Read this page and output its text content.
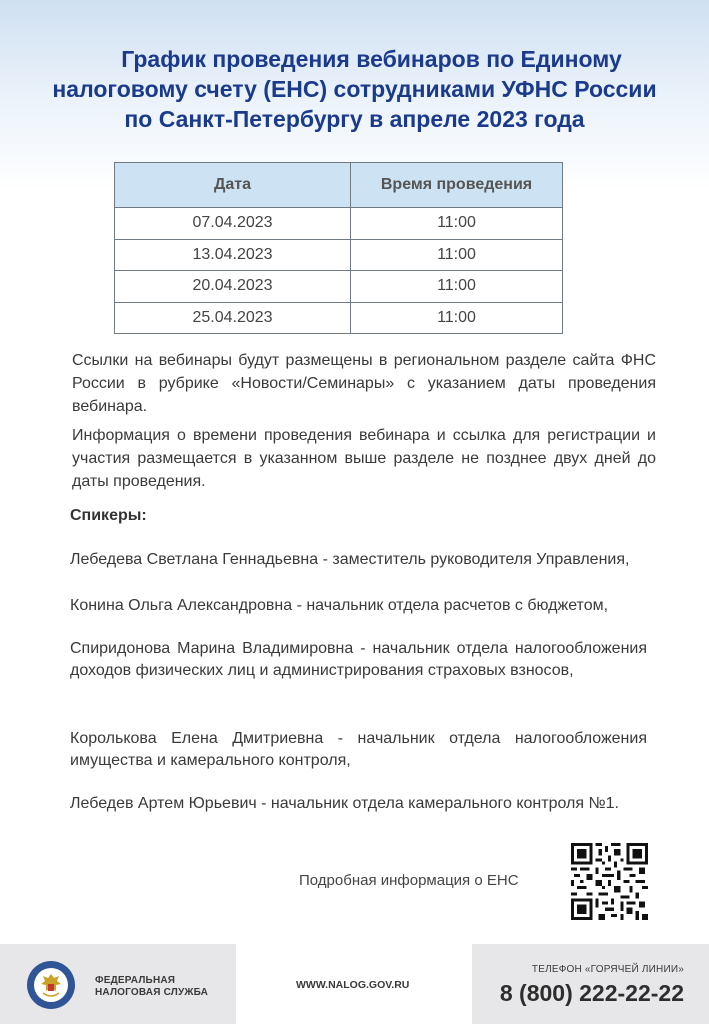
График проведения вебинаров по Единому
налоговому счету (ЕНС) сотрудниками УФНС России
по Санкт-Петербургу в апреле 2023 года
Дата	Время проведения
07.04.2023	11:00
13.04.2023	11:00
20.04.2023	11:00
25.04.2023	11:00

Ссылки на вебинары будут размещены в региональном разделе сайта ФНС России в рубрике «Новости/Семинары» с указанием даты проведения вебинара.

Информация о времени проведения вебинара и ссылка для регистрации и участия размещается в указанном выше разделе не позднее двух дней до даты проведения.

Спикеры:

Лебедева Светлана Геннадьевна - заместитель руководителя Управления,

Конина Ольга Александровна - начальник отдела расчетов с бюджетом,

Спиридонова Марина Владимировна - начальник отдела налогообложения доходов физических лиц и администрирования страховых взносов,

Королькова Елена Дмитриевна - начальник отдела налогообложения имущества и камерального контроля,

Лебедев Артем Юрьевич - начальник отдела камерального контроля №1.

Подробная информация о ЕНС
ФЕДЕРАЛЬНАЯ
НАЛОГОВАЯ СЛУЖБА
WWW.NALOG.GOV.RU
ТЕЛЕФОН «ГОРЯЧЕЙ ЛИНИИ»
8 (800) 222-22-22
